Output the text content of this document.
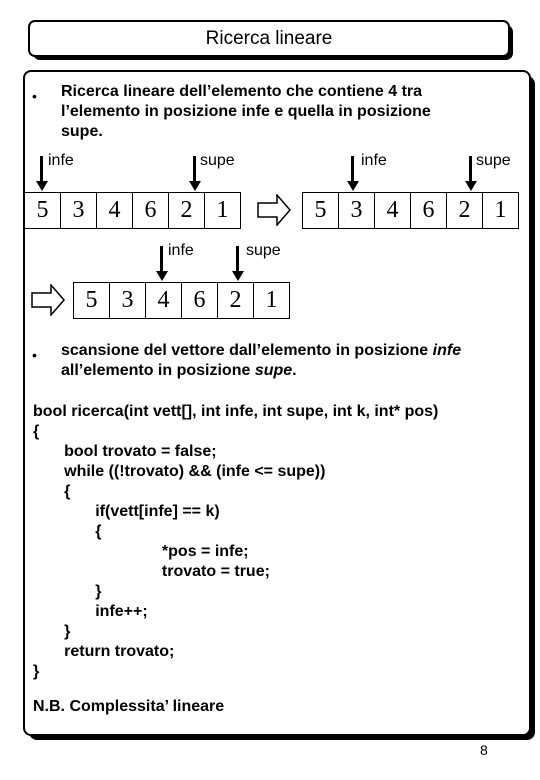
Ricerca lineare
• Ricerca lineare dell’elemento che contiene 4 tra
l’elemento in posizione infe e quella in posizione
supe.
infe	supe
5	3	4	6	2	1
infe	supe
5	3	4	6	2	1
infe	supe
5	3	4	6	2	1
• scansione del vettore dall’elemento in posizione infe
all’elemento in posizione supe.
bool ricerca(int vett[], int infe, int supe, int k, int* pos)
{
bool trovato = false;
while ((!trovato) && (infe <= supe))
{
if(vett[infe] == k)
{
*pos = infe;
trovato = true;
}
infe++;
}
return trovato;
}
N.B. Complessita’ lineare
8
